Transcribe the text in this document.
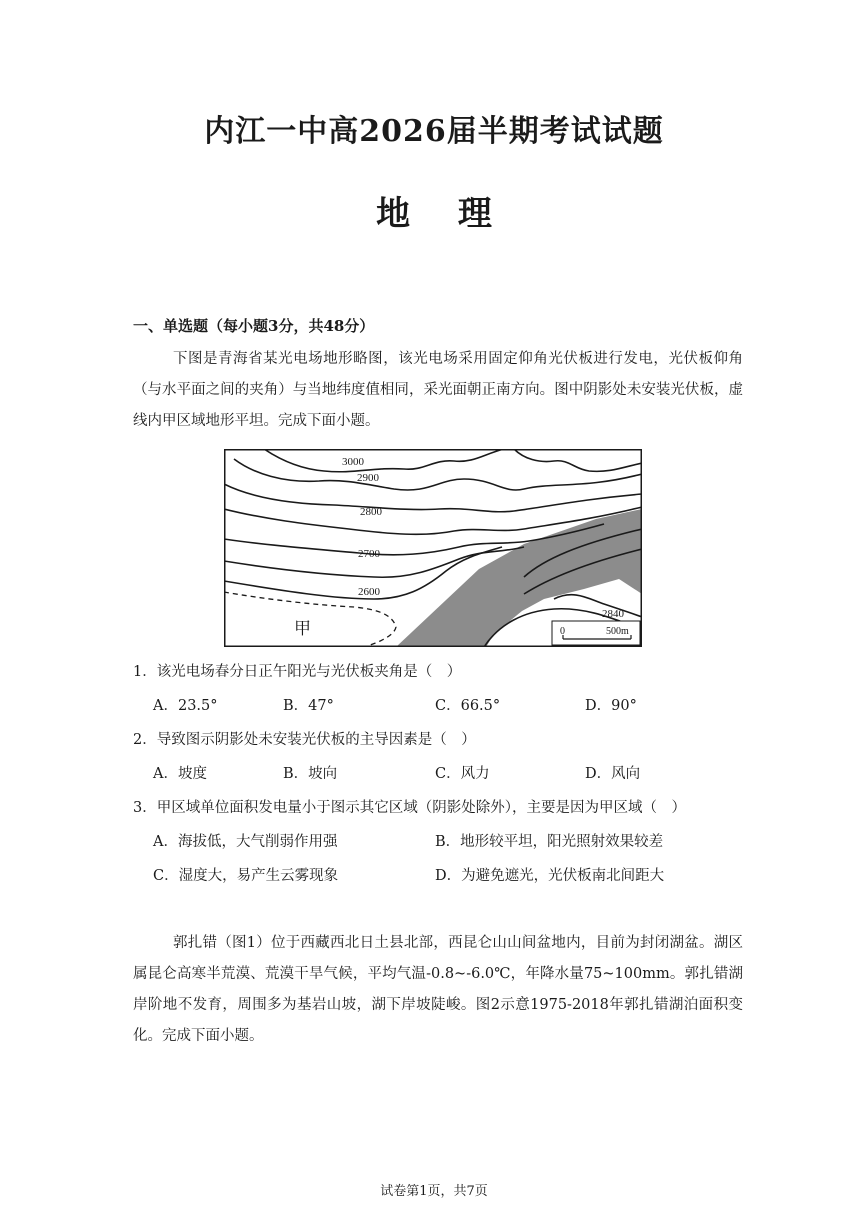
内江一中高2026届半期考试试题
地 理
一、单选题（每小题3分，共48分）
下图是青海省某光电场地形略图，该光电场采用固定仰角光伏板进行发电，光伏板仰角（与水平面之间的夹角）与当地纬度值相同，采光面朝正南方向。图中阴影处未安装光伏板，虚线内甲区域地形平坦。完成下面小题。
3000
2900
2800
2700
2600
2840
甲	0	500m
1．该光电场春分日正午阳光与光伏板夹角是（　）
A．23.5°	B．47°	C．66.5°	D．90°
2．导致图示阴影处未安装光伏板的主导因素是（　）
A．坡度	B．坡向	C．风力	D．风向
3．甲区域单位面积发电量小于图示其它区域（阴影处除外），主要是因为甲区域（　）
A．海拔低，大气削弱作用强	B．地形较平坦，阳光照射效果较差
C．湿度大，易产生云雾现象	D．为避免遮光，光伏板南北间距大
郭扎错（图1）位于西藏西北日土县北部，西昆仑山山间盆地内，目前为封闭湖盆。湖区属昆仑高寒半荒漠、荒漠干旱气候，平均气温-0.8~-6.0℃，年降水量75~100mm。郭扎错湖岸阶地不发育，周围多为基岩山坡，湖下岸坡陡峻。图2示意1975-2018年郭扎错湖泊面积变化。完成下面小题。
试卷第1页，共7页
